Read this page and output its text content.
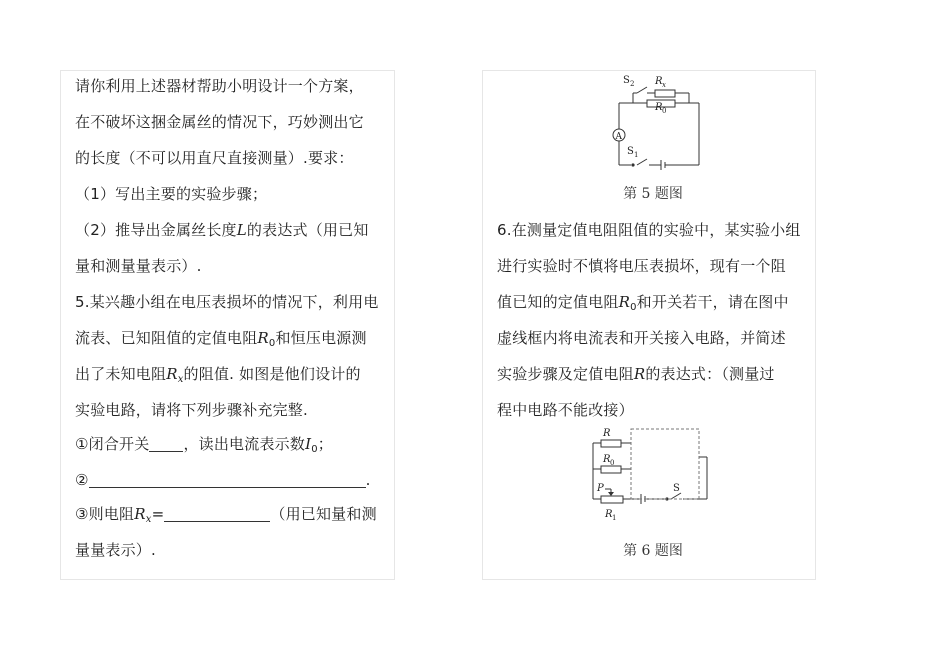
请你利用上述器材帮助小明设计一个方案，
在不破坏这捆金属丝的情况下，巧妙测出它
的长度（不可以用直尺直接测量）.要求：
（1）写出主要的实验步骤；
（2）推导出金属丝长度L的表达式（用已知
量和测量量表示）.
5.某兴趣小组在电压表损坏的情况下，利用电
流表、已知阻值的定值电阻$R_0$和恒压电源测
出了未知电阻$R_x$的阻值. 如图是他们设计的
实验电路，请将下列步骤补充完整.
①闭合开关 ，读出电流表示数$I_0$；
②	.
③则电阻$R_x=$	（用已知量和测
量量表示）.
S 2 R x
R 0
A
S 1
第 5 题图
6.在测量定值电阻阻值的实验中，某实验小组
进行实验时不慎将电压表损坏，现有一个阻
值已知的定值电阻$R_0$和开关若干，请在图中
虚线框内将电流表和开关接入电路，并简述
实验步骤及定值电阻R的表达式：（测量过
程中电路不能改接）
R
R 0
P
R 1
S
第 6 题图
